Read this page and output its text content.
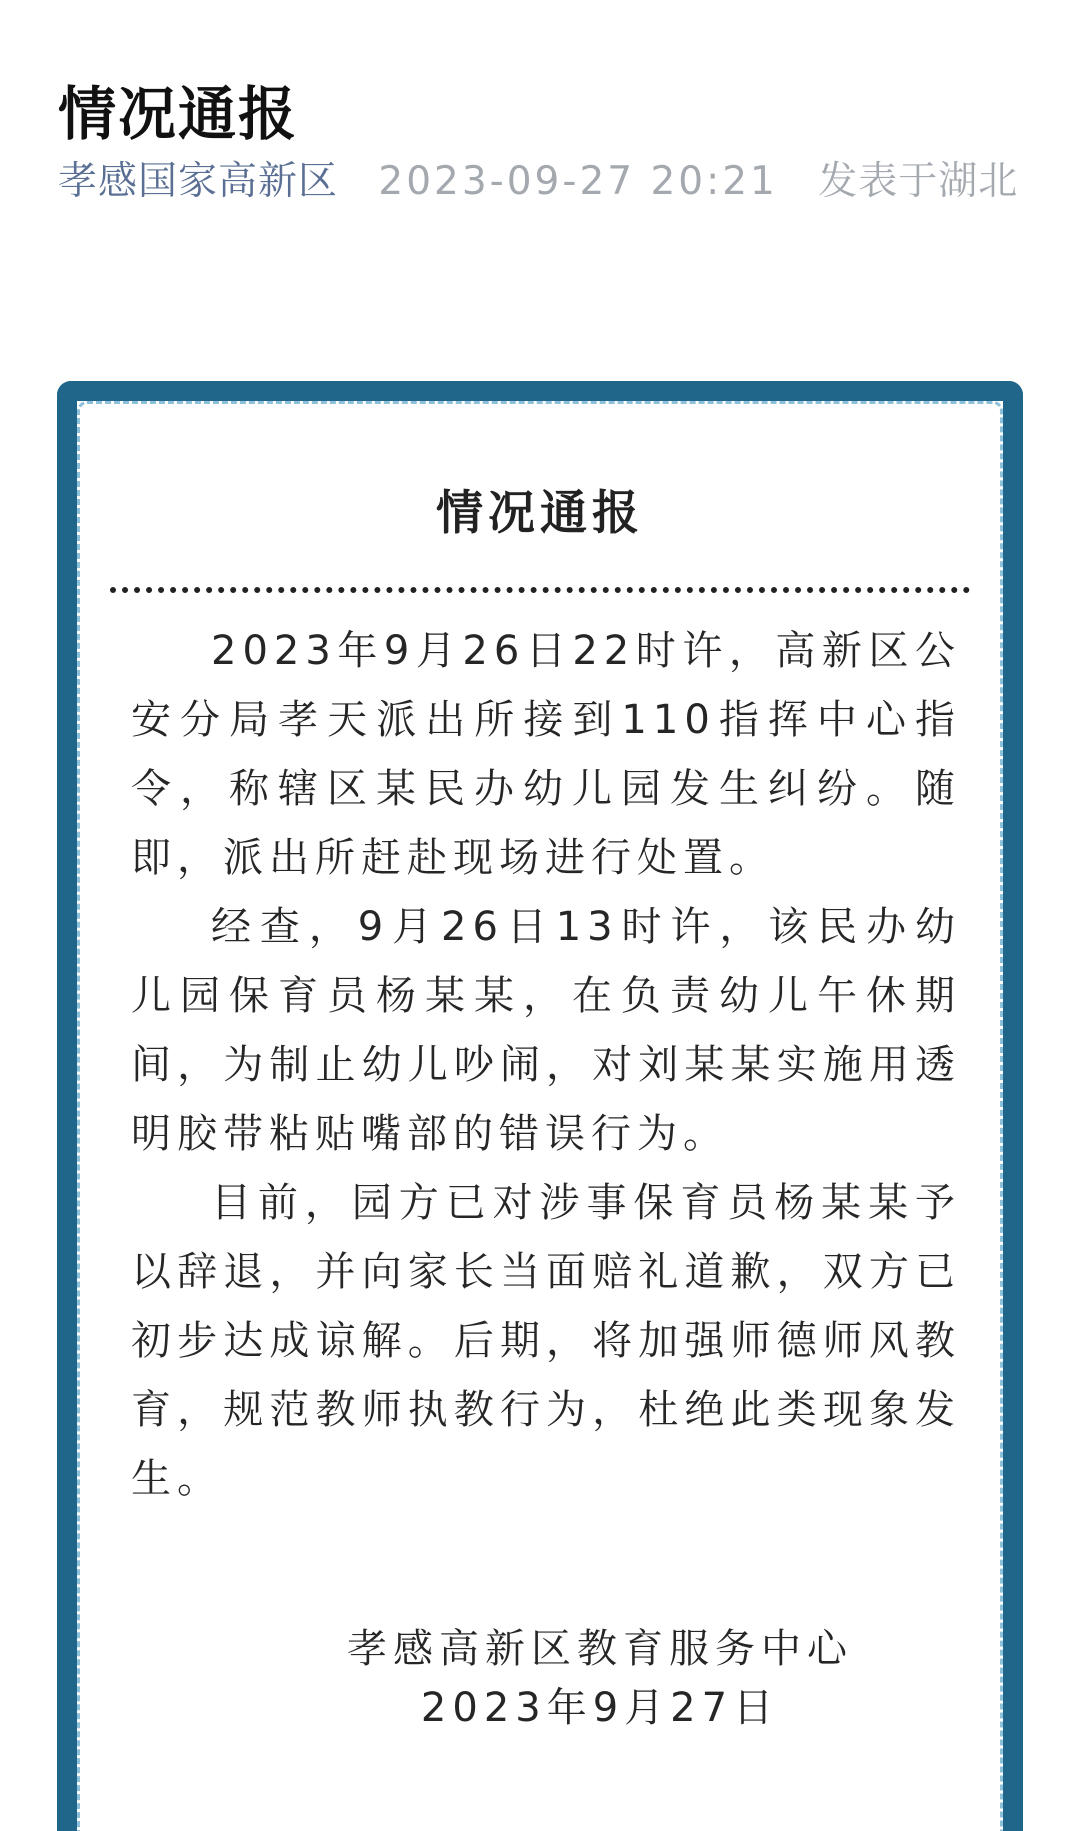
情况通报
孝感国家高新区 2023-09-27 20:21 发表于湖北
情况通报

2023年9月26日22时许，高新区公安分局孝天派出所接到110指挥中心指令，称辖区某民办幼儿园发生纠纷。随即，派出所赶赴现场进行处置。

经查，9月26日13时许，该民办幼儿园保育员杨某某，在负责幼儿午休期间，为制止幼儿吵闹，对刘某某实施用透明胶带粘贴嘴部的错误行为。

目前，园方已对涉事保育员杨某某予以辞退，并向家长当面赔礼道歉，双方已初步达成谅解。后期，将加强师德师风教育，规范教师执教行为，杜绝此类现象发生。

孝感高新区教育服务中心
2023年9月27日
